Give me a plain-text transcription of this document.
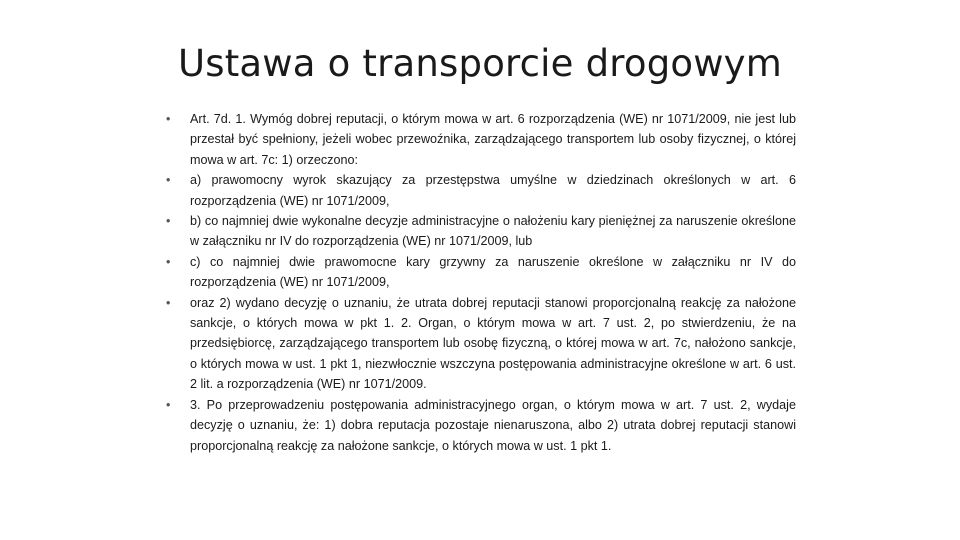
Ustawa o transporcie drogowym
•	Art. 7d. 1. Wymóg dobrej reputacji, o którym mowa w art. 6 rozporządzenia (WE) nr 1071/2009, nie jest lub przestał być spełniony, jeżeli wobec przewoźnika, zarządzającego transportem lub osoby fizycznej, o której mowa w art. 7c: 1) orzeczono:
•	a) prawomocny wyrok skazujący za przestępstwa umyślne w dziedzinach określonych w art. 6 rozporządzenia (WE) nr 1071/2009,
•	b) co najmniej dwie wykonalne decyzje administracyjne o nałożeniu kary pieniężnej za naruszenie określone w załączniku nr IV do rozporządzenia (WE) nr 1071/2009, lub
•	c) co najmniej dwie prawomocne kary grzywny za naruszenie określone w załączniku nr IV do rozporządzenia (WE) nr 1071/2009,
•	oraz 2) wydano decyzję o uznaniu, że utrata dobrej reputacji stanowi proporcjonalną reakcję za nałożone sankcje, o których mowa w pkt 1. 2. Organ, o którym mowa w art. 7 ust. 2, po stwierdzeniu, że na przedsiębiorcę, zarządzającego transportem lub osobę fizyczną, o której mowa w art. 7c, nałożono sankcje, o których mowa w ust. 1 pkt 1, niezwłocznie wszczyna postępowania administracyjne określone w art. 6 ust. 2 lit. a rozporządzenia (WE) nr 1071/2009.
•	3. Po przeprowadzeniu postępowania administracyjnego organ, o którym mowa w art. 7 ust. 2, wydaje decyzję o uznaniu, że: 1) dobra reputacja pozostaje nienaruszona, albo 2) utrata dobrej reputacji stanowi proporcjonalną reakcję za nałożone sankcje, o których mowa w ust. 1 pkt 1.
